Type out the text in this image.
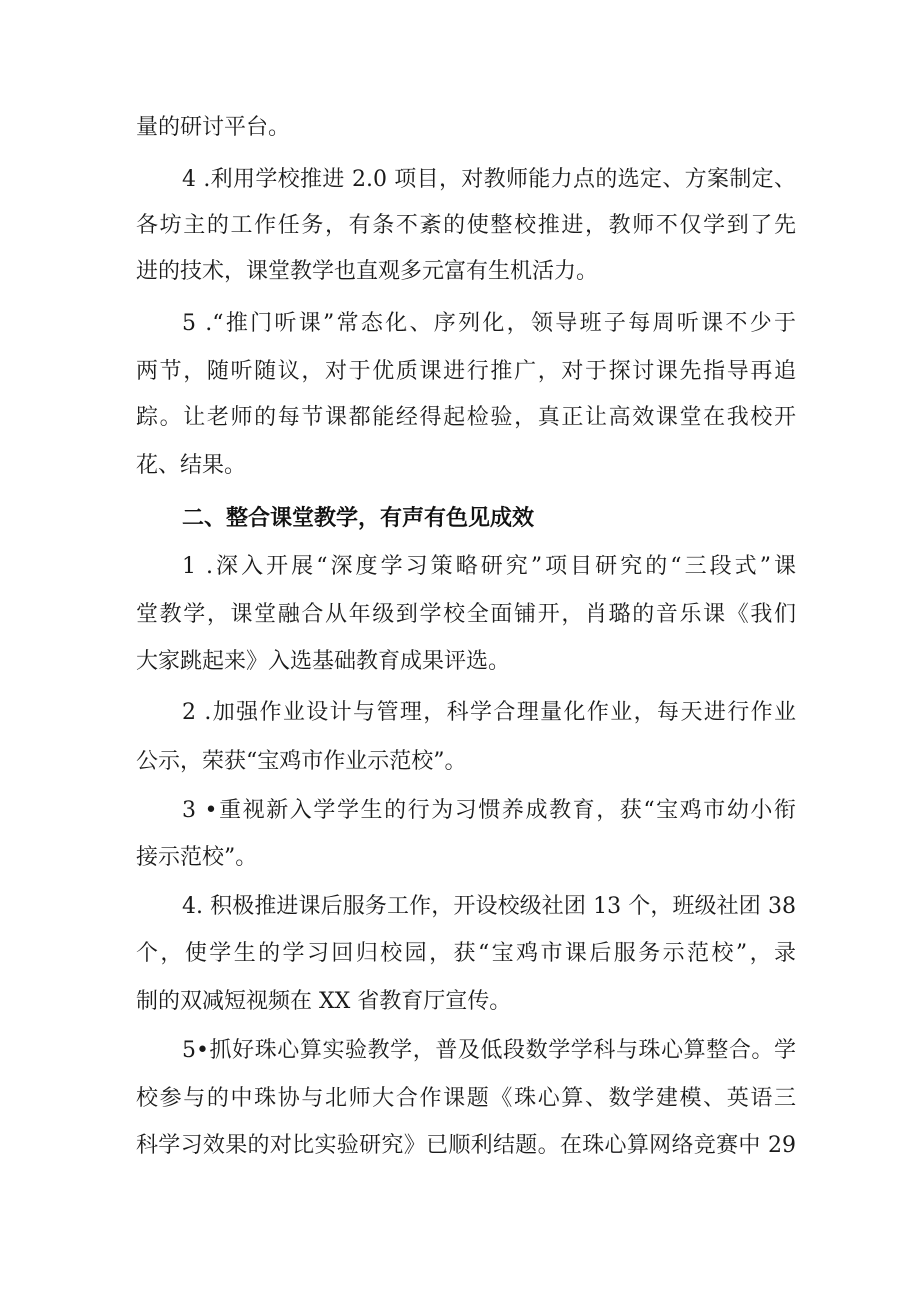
量的研讨平台。
4 .利用学校推进 2.0 项目，对教师能力点的选定、方案制定、
各坊主的工作任务，有条不紊的使整校推进，教师不仅学到了先
进的技术，课堂教学也直观多元富有生机活力。
5 .“推门听课”常态化、序列化，领导班子每周听课不少于
两节，随听随议，对于优质课进行推广，对于探讨课先指导再追
踪。让老师的每节课都能经得起检验，真正让高效课堂在我校开
花、结果。
二、整合课堂教学，有声有色见成效
1 .深入开展“深度学习策略研究”项目研究的“三段式”课
堂教学，课堂融合从年级到学校全面铺开，肖璐的音乐课《我们
大家跳起来》入选基础教育成果评选。
2 .加强作业设计与管理，科学合理量化作业，每天进行作业
公示，荣获“宝鸡市作业示范校”。
3 •重视新入学学生的行为习惯养成教育，获“宝鸡市幼小衔
接示范校”。
4. 积极推进课后服务工作，开设校级社团 13 个，班级社团 38
个，使学生的学习回归校园，获“宝鸡市课后服务示范校”，录
制的双减短视频在 XX 省教育厅宣传。
5•抓好珠心算实验教学，普及低段数学学科与珠心算整合。学
校参与的中珠协与北师大合作课题《珠心算、数学建模、英语三
科学习效果的对比实验研究》已顺利结题。在珠心算网络竞赛中 29
